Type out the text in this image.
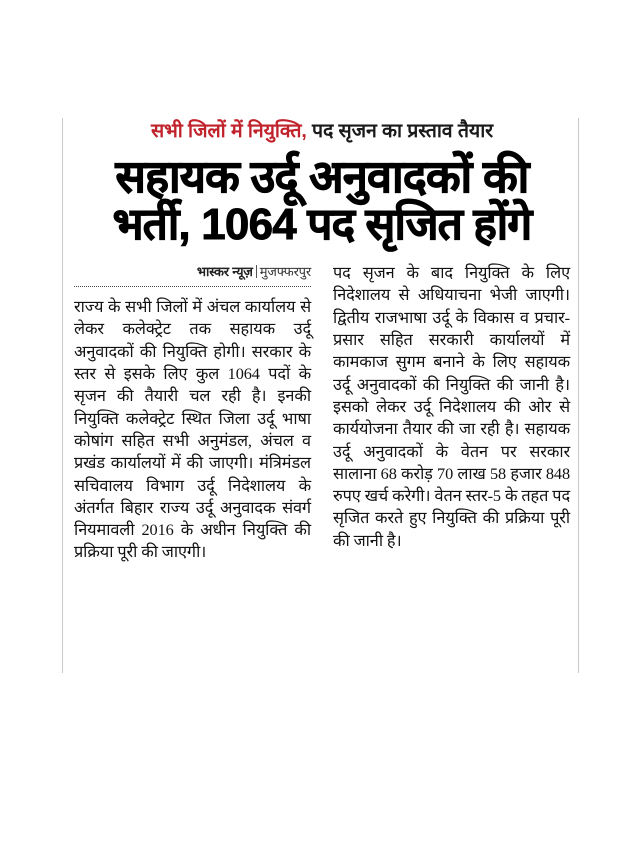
सभी जिलों में नियुक्ति, पद सृजन का प्रस्ताव तैयार
सहायक उर्दू अनुवादकों की
भर्ती, 1064 पद सृजित होंगे
भास्कर न्यूज़ मुजफ्फरपुर

राज्य के सभी जिलों में अंचल कार्यालय से लेकर कलेक्ट्रेट तक सहायक उर्दू अनुवादकों की नियुक्ति होगी। सरकार के स्तर से इसके लिए कुल 1064 पदों के सृजन की तैयारी चल रही है। इनकी नियुक्ति कलेक्ट्रेट स्थित जिला उर्दू भाषा कोषांग सहित सभी अनुमंडल, अंचल व प्रखंड कार्यालयों में की जाएगी। मंत्रिमंडल सचिवालय विभाग उर्दू निदेशालय के अंतर्गत बिहार राज्य उर्दू अनुवादक संवर्ग नियमावली 2016 के अधीन नियुक्ति की प्रक्रिया पूरी की जाएगी।

पद सृजन के बाद नियुक्ति के लिए निदेशालय से अधियाचना भेजी जाएगी। द्वितीय राजभाषा उर्दू के विकास व प्रचार-प्रसार सहित सरकारी कार्यालयों में कामकाज सुगम बनाने के लिए सहायक उर्दू अनुवादकों की नियुक्ति की जानी है। इसको लेकर उर्दू निदेशालय की ओर से कार्ययोजना तैयार की जा रही है। सहायक उर्दू अनुवादकों के वेतन पर सरकार सालाना 68 करोड़ 70 लाख 58 हजार 848 रुपए खर्च करेगी। वेतन स्तर-5 के तहत पद सृजित करते हुए नियुक्ति की प्रक्रिया पूरी की जानी है।
